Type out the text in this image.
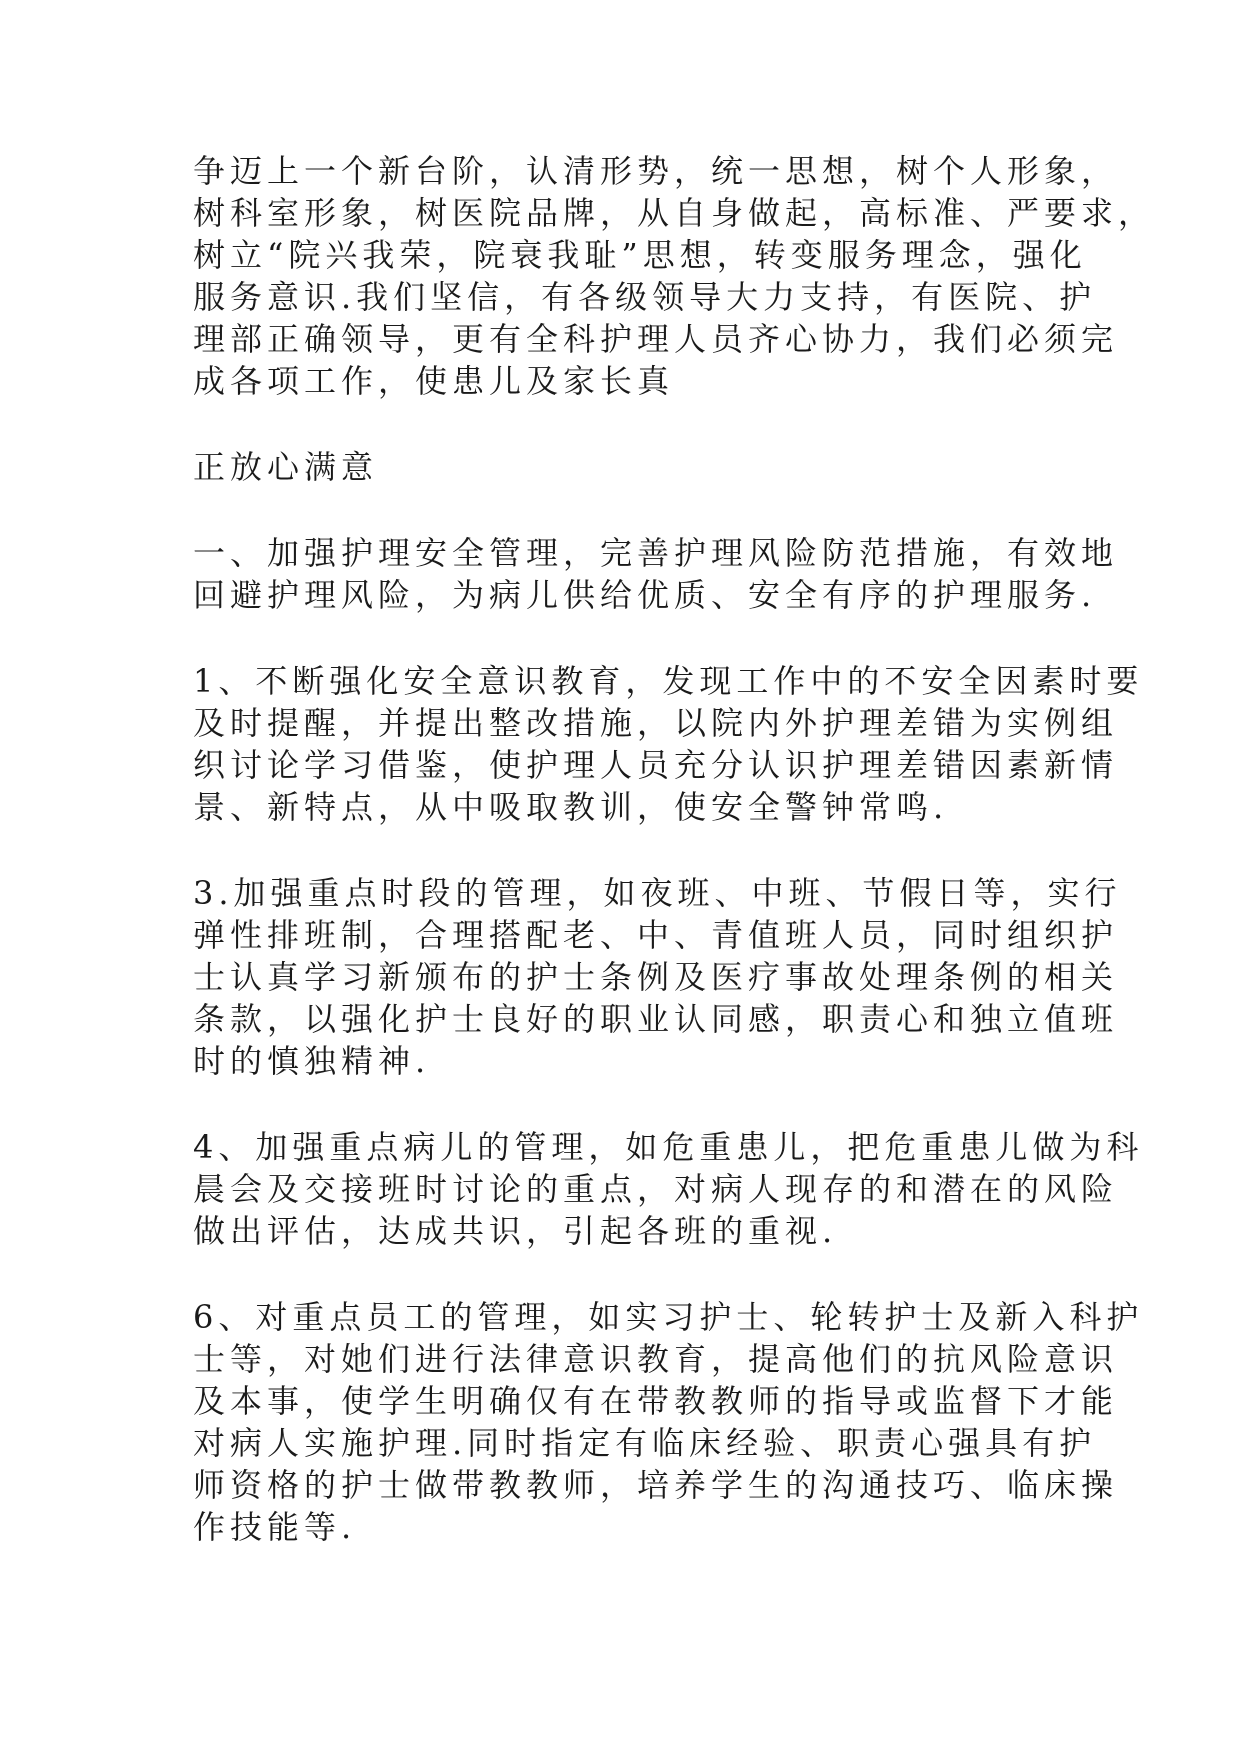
争迈上一个新台阶，认清形势，统一思想，树个人形象，
树科室形象，树医院品牌，从自身做起，高标准、严要求，
树立“院兴我荣，院衰我耻”思想，转变服务理念，强化
服务意识.我们坚信，有各级领导大力支持，有医院、护
理部正确领导，更有全科护理人员齐心协力，我们必须完
成各项工作，使患儿及家长真
正放心满意
一、加强护理安全管理，完善护理风险防范措施，有效地
回避护理风险，为病儿供给优质、安全有序的护理服务.
1、不断强化安全意识教育，发现工作中的不安全因素时要
及时提醒，并提出整改措施，以院内外护理差错为实例组
织讨论学习借鉴，使护理人员充分认识护理差错因素新情
景、新特点，从中吸取教训，使安全警钟常鸣.
3.加强重点时段的管理，如夜班、中班、节假日等，实行
弹性排班制，合理搭配老、中、青值班人员，同时组织护
士认真学习新颁布的护士条例及医疗事故处理条例的相关
条款，以强化护士良好的职业认同感，职责心和独立值班
时的慎独精神.
4、加强重点病儿的管理，如危重患儿，把危重患儿做为科
晨会及交接班时讨论的重点，对病人现存的和潜在的风险
做出评估，达成共识，引起各班的重视.
6、对重点员工的管理，如实习护士、轮转护士及新入科护
士等，对她们进行法律意识教育，提高他们的抗风险意识
及本事，使学生明确仅有在带教教师的指导或监督下才能
对病人实施护理.同时指定有临床经验、职责心强具有护
师资格的护士做带教教师，培养学生的沟通技巧、临床操
作技能等.
